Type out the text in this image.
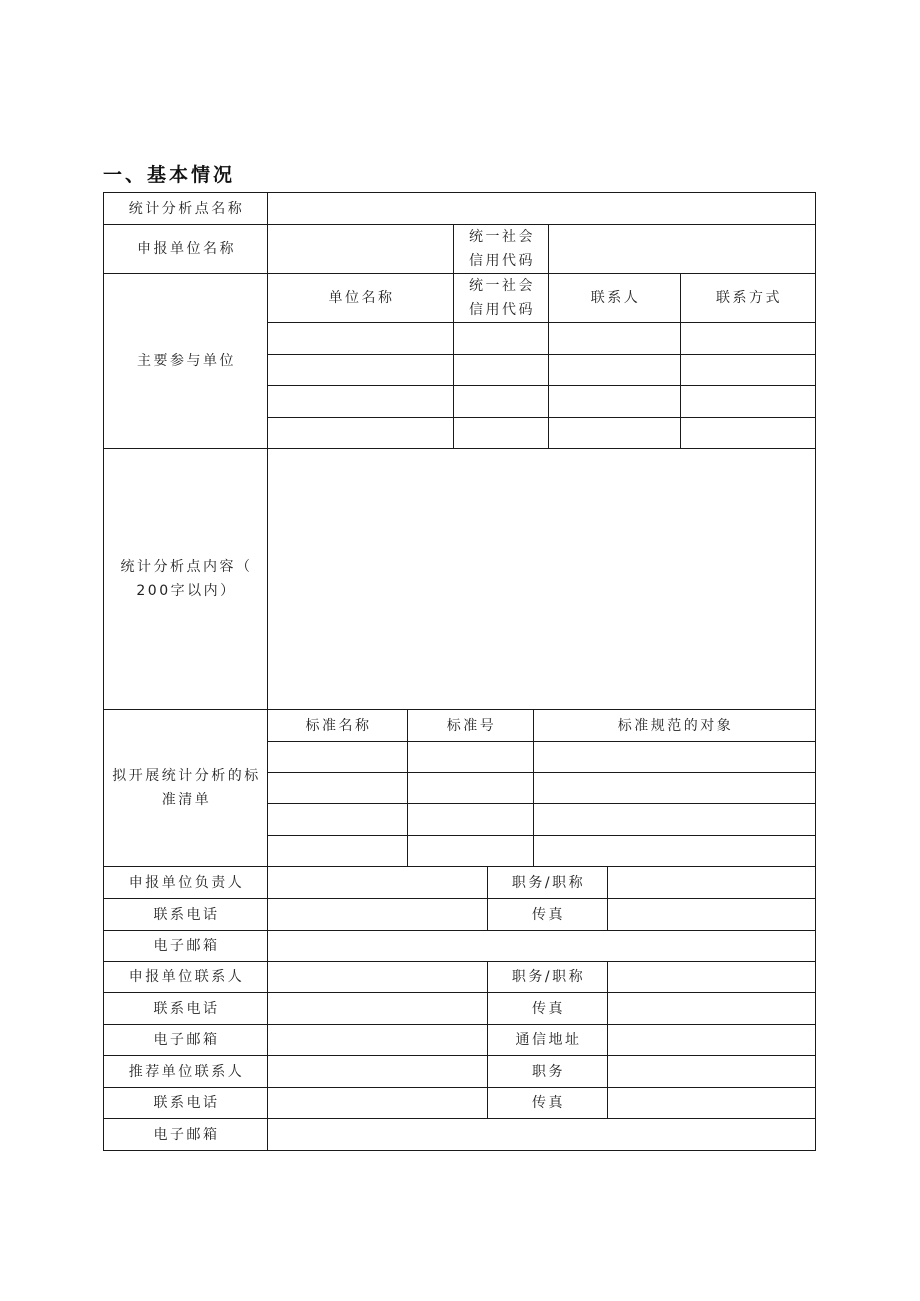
一、基本情况
统计分析点名称								
申报单位名称			统一社会
信用代码					
主要参与单位	单位名称		统一社会
信用代码			联系人		联系方式

统计分析点内容（
200字以内）								
拟开展统计分析的标
准清单	标准名称	标准号			标准规范的对象			

申报单位负责人				职务/职称				
联系电话				传真				
电子邮箱								
申报单位联系人				职务/职称				
联系电话				传真				
电子邮箱				通信地址				
推荐单位联系人				职务				
联系电话				传真				
电子邮箱								
